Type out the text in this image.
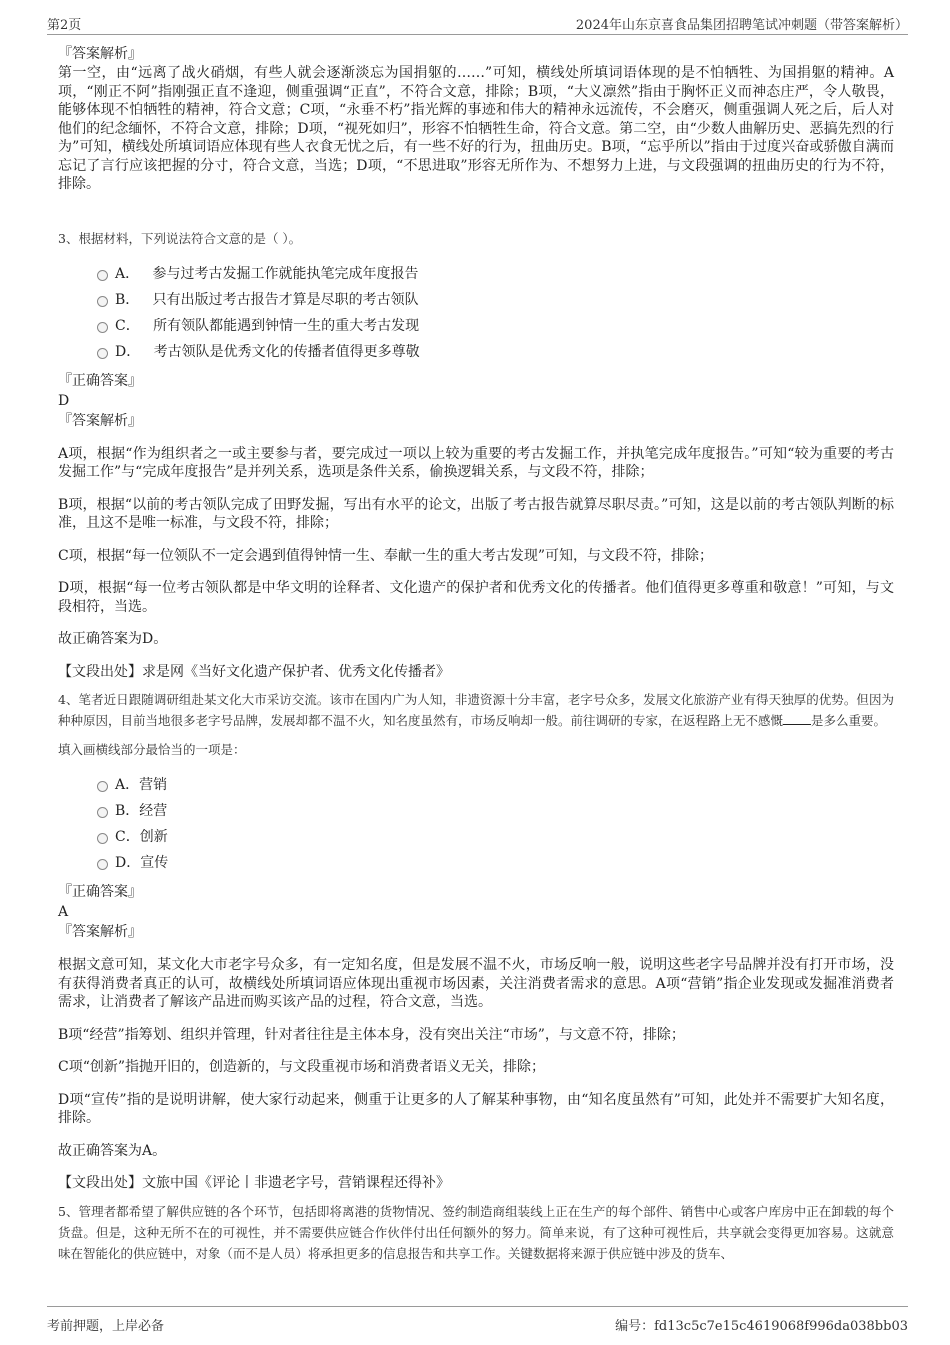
第2页	2024年山东京喜食品集团招聘笔试冲刺题（带答案解析）

『答案解析』

第一空，由“远离了战火硝烟，有些人就会逐渐淡忘为国捐躯的……”可知，横线处所填词语体现的是不怕牺牲、为国捐躯的精神。A项，“刚正不阿”指刚强正直不逢迎，侧重强调“正直”，不符合文意，排除；B项，“大义凛然”指由于胸怀正义而神态庄严，令人敬畏，能够体现不怕牺牲的精神，符合文意；C项，“永垂不朽”指光辉的事迹和伟大的精神永远流传，不会磨灭，侧重强调人死之后，后人对他们的纪念缅怀，不符合文意，排除；D项，“视死如归”，形容不怕牺牲生命，符合文意。第二空，由“少数人曲解历史、恶搞先烈的行为”可知，横线处所填词语应体现有些人衣食无忧之后，有一些不好的行为，扭曲历史。B项，“忘乎所以”指由于过度兴奋或骄傲自满而忘记了言行应该把握的分寸，符合文意，当选；D项，“不思进取”形容无所作为、不想努力上进，与文段强调的扭曲历史的行为不符，排除。

3、根据材料，下列说法符合文意的是（ ）。

A． 参与过考古发掘工作就能执笔完成年度报告
B． 只有出版过考古报告才算是尽职的考古领队
C． 所有领队都能遇到钟情一生的重大考古发现
D． 考古领队是优秀文化的传播者值得更多尊敬

『正确答案』

D

『答案解析』

A项，根据“作为组织者之一或主要参与者，要完成过一项以上较为重要的考古发掘工作，并执笔完成年度报告。”可知“较为重要的考古发掘工作”与“完成年度报告”是并列关系，选项是条件关系，偷换逻辑关系，与文段不符，排除；

B项，根据“以前的考古领队完成了田野发掘，写出有水平的论文，出版了考古报告就算尽职尽责。”可知，这是以前的考古领队判断的标准，且这不是唯一标准，与文段不符，排除；

C项，根据“每一位领队不一定会遇到值得钟情一生、奉献一生的重大考古发现”可知，与文段不符，排除；

D项，根据“每一位考古领队都是中华文明的诠释者、文化遗产的保护者和优秀文化的传播者。他们值得更多尊重和敬意！”可知，与文段相符，当选。

故正确答案为D。

【文段出处】求是网《当好文化遗产保护者、优秀文化传播者》

4、笔者近日跟随调研组赴某文化大市采访交流。该市在国内广为人知，非遗资源十分丰富，老字号众多，发展文化旅游产业有得天独厚的优势。但因为种种原因，目前当地很多老字号品牌，发展却都不温不火，知名度虽然有，市场反响却一般。前往调研的专家，在返程路上无不感慨 是多么重要。

填入画横线部分最恰当的一项是：

A．营销
B．经营
C．创新
D．宣传

『正确答案』

A

『答案解析』

根据文意可知，某文化大市老字号众多，有一定知名度，但是发展不温不火，市场反响一般，说明这些老字号品牌并没有打开市场，没有获得消费者真正的认可，故横线处所填词语应体现出重视市场因素，关注消费者需求的意思。A项“营销”指企业发现或发掘准消费者需求，让消费者了解该产品进而购买该产品的过程，符合文意，当选。

B项“经营”指筹划、组织并管理，针对者往往是主体本身，没有突出关注“市场”，与文意不符，排除；

C项“创新”指抛开旧的，创造新的，与文段重视市场和消费者语义无关，排除；

D项“宣传”指的是说明讲解，使大家行动起来，侧重于让更多的人了解某种事物，由“知名度虽然有”可知，此处并不需要扩大知名度，排除。

故正确答案为A。

【文段出处】文旅中国《评论丨非遗老字号，营销课程还得补》

5、管理者都希望了解供应链的各个环节，包括即将离港的货物情况、签约制造商组装线上正在生产的每个部件、销售中心或客户库房中正在卸载的每个货盘。但是，这种无所不在的可视性，并不需要供应链合作伙伴付出任何额外的努力。简单来说，有了这种可视性后，共享就会变得更加容易。这就意味在智能化的供应链中，对象（而不是人员）将承担更多的信息报告和共享工作。关键数据将来源于供应链中涉及的货车、

考前押题，上岸必备	编号：fd13c5c7e15c4619068f996da038bb03
